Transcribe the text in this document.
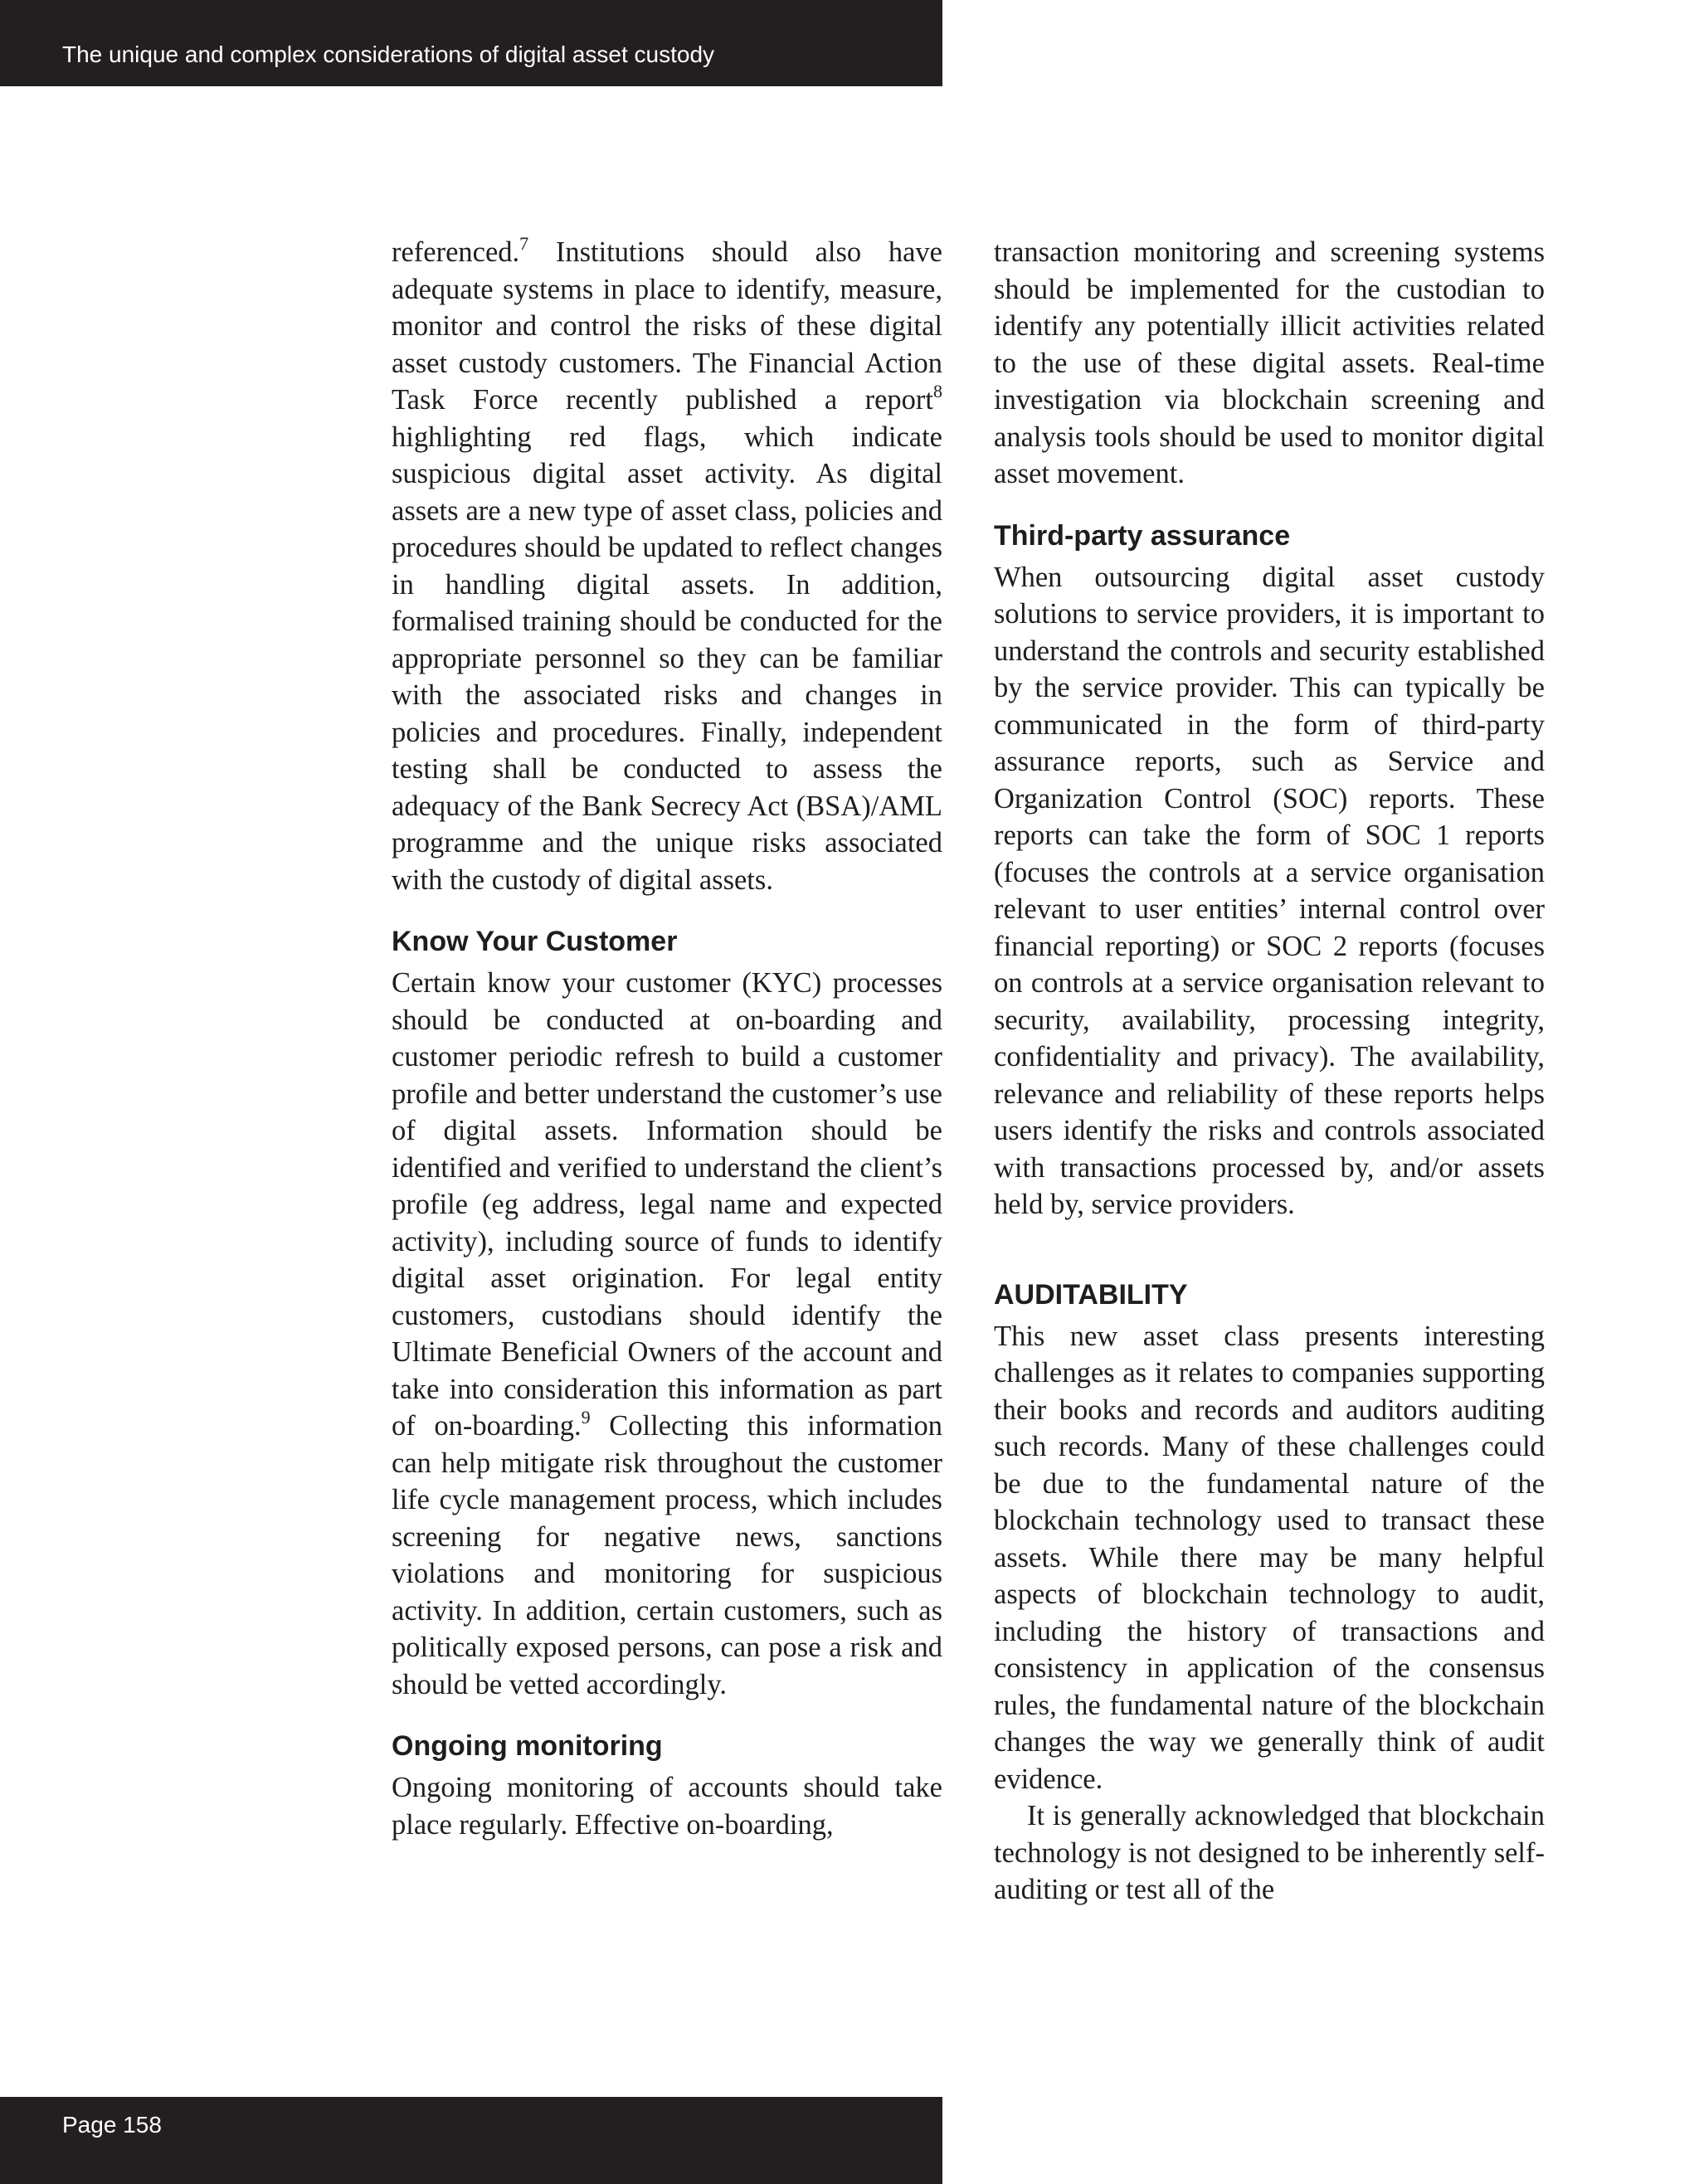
The unique and complex considerations of digital asset custody

referenced.$^7$ Institutions should also have adequate systems in place to identify, measure, monitor and control the risks of these digital asset custody customers. The Financial Action Task Force recently published a report$^8$ highlighting red flags, which indicate suspicious digital asset activity. As digital assets are a new type of asset class, policies and procedures should be updated to reflect changes in handling digital assets. In addition, formalised training should be conducted for the appropriate personnel so they can be familiar with the associated risks and changes in policies and procedures. Finally, independent testing shall be conducted to assess the adequacy of the Bank Secrecy Act (BSA)/AML programme and the unique risks associated with the custody of digital assets.

Know Your Customer

Certain know your customer (KYC) processes should be conducted at on-boarding and customer periodic refresh to build a customer profile and better understand the customer’s use of digital assets. Information should be identified and verified to understand the client’s profile (eg address, legal name and expected activity), including source of funds to identify digital asset origination. For legal entity customers, custodians should identify the Ultimate Beneficial Owners of the account and take into consideration this information as part of on-boarding.$^9$ Collecting this information can help mitigate risk throughout the customer life cycle management process, which includes screening for negative news, sanctions violations and monitoring for suspicious activity. In addition, certain customers, such as politically exposed persons, can pose a risk and should be vetted accordingly.

Ongoing monitoring

Ongoing monitoring of accounts should take place regularly. Effective on-boarding,

transaction monitoring and screening systems should be implemented for the custodian to identify any potentially illicit activities related to the use of these digital assets. Real-time investigation via blockchain screening and analysis tools should be used to monitor digital asset movement.

Third-party assurance

When outsourcing digital asset custody solutions to service providers, it is important to understand the controls and security established by the service provider. This can typically be communicated in the form of third-party assurance reports, such as Service and Organization Control (SOC) reports. These reports can take the form of SOC 1 reports (focuses the controls at a service organisation relevant to user entities’ internal control over financial reporting) or SOC 2 reports (focuses on controls at a service organisation relevant to security, availability, processing integrity, confidentiality and privacy). The availability, relevance and reliability of these reports helps users identify the risks and controls associated with transactions processed by, and/or assets held by, service providers.

AUDITABILITY

This new asset class presents interesting challenges as it relates to companies supporting their books and records and auditors auditing such records. Many of these challenges could be due to the fundamental nature of the blockchain technology used to transact these assets. While there may be many helpful aspects of blockchain technology to audit, including the history of transactions and consistency in application of the consensus rules, the fundamental nature of the blockchain changes the way we generally think of audit evidence.

It is generally acknowledged that blockchain technology is not designed to be inherently self-auditing or test all of the

Page 158
